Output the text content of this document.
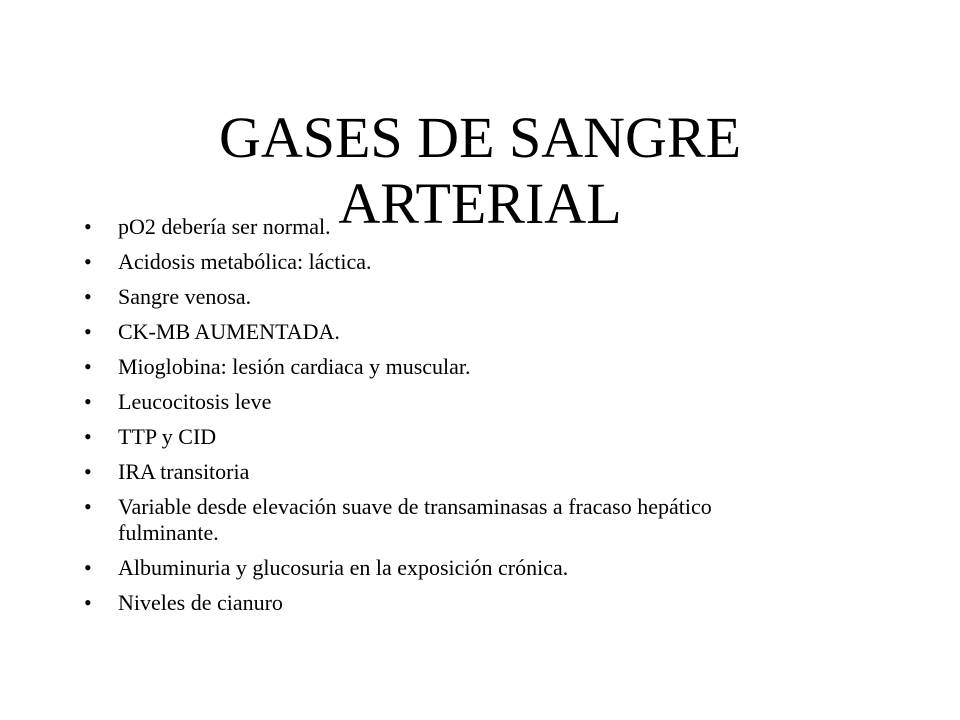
GASES DE SANGRE
ARTERIAL
•	pO2 debería ser normal.
•	Acidosis metabólica: láctica.
•	Sangre venosa.
•	CK-MB AUMENTADA.
•	Mioglobina: lesión cardiaca y muscular.
•	Leucocitosis leve
•	TTP y CID
•	IRA transitoria
•	Variable desde elevación suave de transaminasas a fracaso hepático fulminante.
•	Albuminuria y glucosuria en la exposición crónica.
•	Niveles de cianuro
